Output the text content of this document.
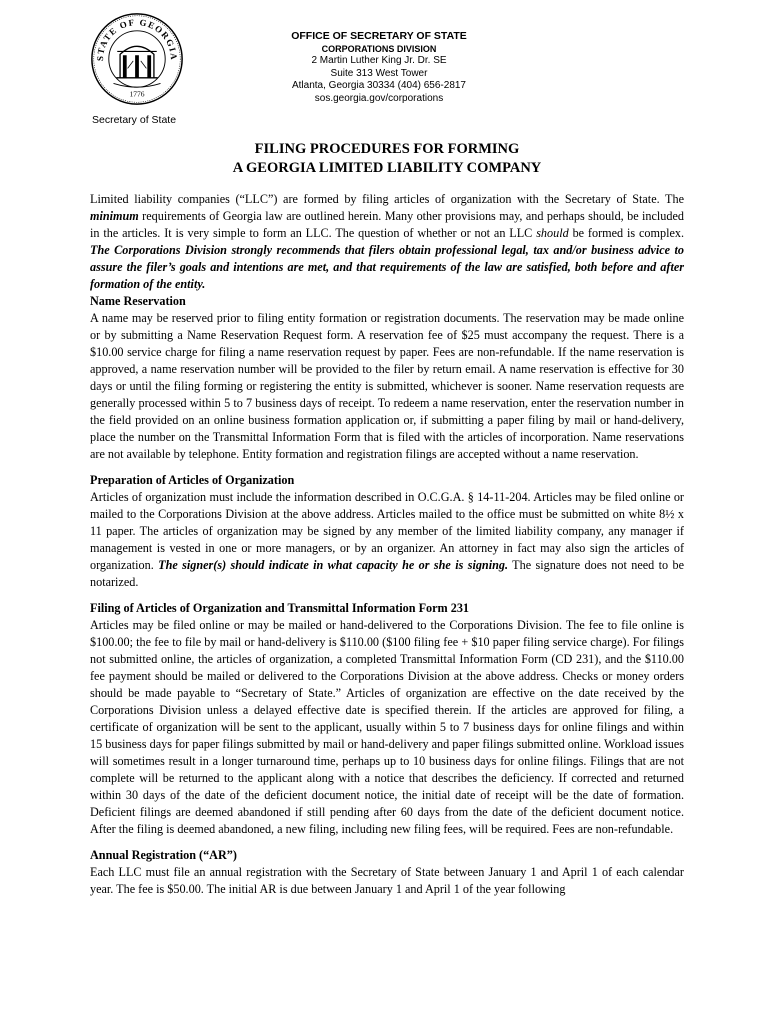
STATE OF GEORGIA
1776
OFFICE OF SECRETARY OF STATE
CORPORATIONS DIVISION
2 Martin Luther King Jr. Dr. SE
Suite 313 West Tower
Atlanta, Georgia 30334 (404) 656-2817
sos.georgia.gov/corporations
Secretary of State
FILING PROCEDURES FOR FORMING
A GEORGIA LIMITED LIABILITY COMPANY

Limited liability companies (“LLC”) are formed by filing articles of organization with the Secretary of State. The minimum requirements of Georgia law are outlined herein. Many other provisions may, and perhaps should, be included in the articles. It is very simple to form an LLC. The question of whether or not an LLC should be formed is complex. The Corporations Division strongly recommends that filers obtain professional legal, tax and/or business advice to assure the filer’s goals and intentions are met, and that requirements of the law are satisfied, both before and after formation of the entity.

Name Reservation

A name may be reserved prior to filing entity formation or registration documents. The reservation may be made online or by submitting a Name Reservation Request form. A reservation fee of $25 must accompany the request. There is a $10.00 service charge for filing a name reservation request by paper. Fees are non-refundable. If the name reservation is approved, a name reservation number will be provided to the filer by return email. A name reservation is effective for 30 days or until the filing forming or registering the entity is submitted, whichever is sooner. Name reservation requests are generally processed within 5 to 7 business days of receipt. To redeem a name reservation, enter the reservation number in the field provided on an online business formation application or, if submitting a paper filing by mail or hand-delivery, place the number on the Transmittal Information Form that is filed with the articles of incorporation. Name reservations are not available by telephone. Entity formation and registration filings are accepted without a name reservation.

Preparation of Articles of Organization

Articles of organization must include the information described in O.C.G.A. § 14-11-204. Articles may be filed online or mailed to the Corporations Division at the above address. Articles mailed to the office must be submitted on white 8½ x 11 paper. The articles of organization may be signed by any member of the limited liability company, any manager if management is vested in one or more managers, or by an organizer. An attorney in fact may also sign the articles of organization. The signer(s) should indicate in what capacity he or she is signing. The signature does not need to be notarized.

Filing of Articles of Organization and Transmittal Information Form 231

Articles may be filed online or may be mailed or hand-delivered to the Corporations Division. The fee to file online is $100.00; the fee to file by mail or hand-delivery is $110.00 ($100 filing fee + $10 paper filing service charge). For filings not submitted online, the articles of organization, a completed Transmittal Information Form (CD 231), and the $110.00 fee payment should be mailed or delivered to the Corporations Division at the above address. Checks or money orders should be made payable to “Secretary of State.” Articles of organization are effective on the date received by the Corporations Division unless a delayed effective date is specified therein. If the articles are approved for filing, a certificate of organization will be sent to the applicant, usually within 5 to 7 business days for online filings and within 15 business days for paper filings submitted by mail or hand-delivery and paper filings submitted online. Workload issues will sometimes result in a longer turnaround time, perhaps up to 10 business days for online filings. Filings that are not complete will be returned to the applicant along with a notice that describes the deficiency. If corrected and returned within 30 days of the date of the deficient document notice, the initial date of receipt will be the date of formation. Deficient filings are deemed abandoned if still pending after 60 days from the date of the deficient document notice. After the filing is deemed abandoned, a new filing, including new filing fees, will be required. Fees are non-refundable.

Annual Registration (“AR”)

Each LLC must file an annual registration with the Secretary of State between January 1 and April 1 of each calendar year. The fee is $50.00. The initial AR is due between January 1 and April 1 of the year following
